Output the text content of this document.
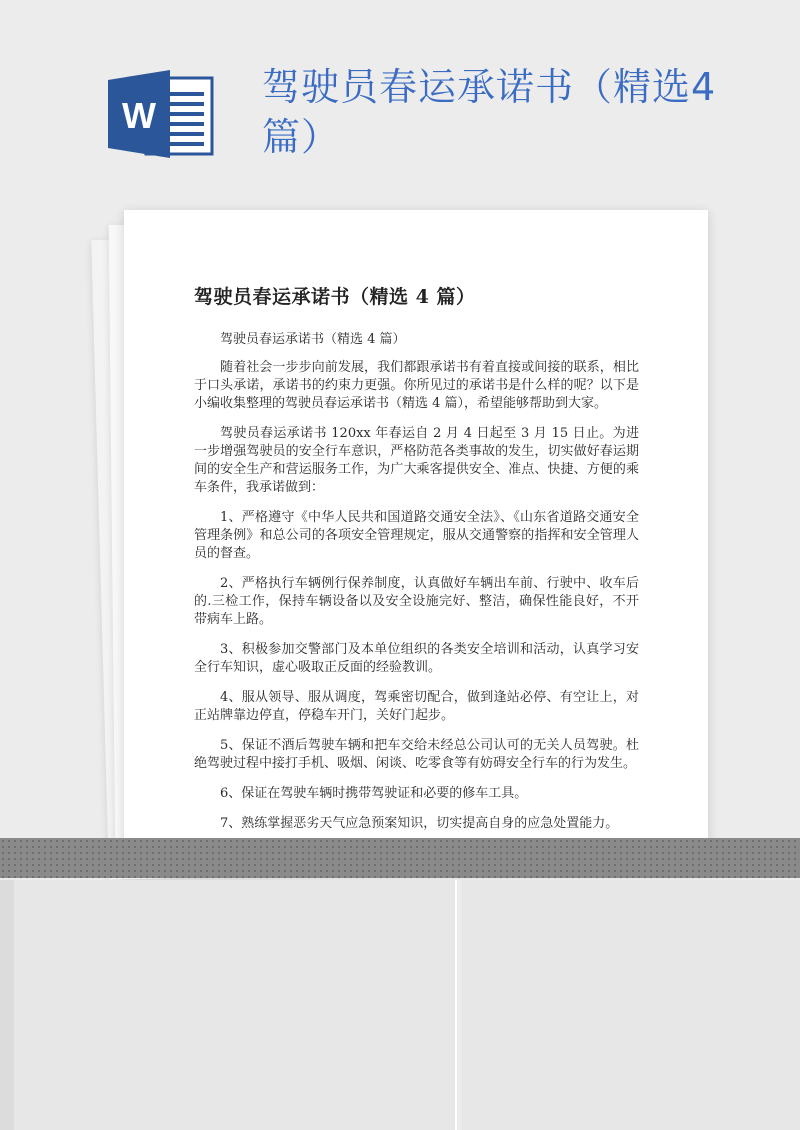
W
驾驶员春运承诺书（精选4篇）
驾驶员春运承诺书（精选 4 篇）

驾驶员春运承诺书（精选 4 篇）

随着社会一步步向前发展，我们都跟承诺书有着直接或间接的联系，相比于口头承诺，承诺书的约束力更强。你所见过的承诺书是什么样的呢？以下是小编收集整理的驾驶员春运承诺书（精选 4 篇），希望能够帮助到大家。

驾驶员春运承诺书 120xx 年春运自 2 月 4 日起至 3 月 15 日止。为进一步增强驾驶员的安全行车意识，严格防范各类事故的发生，切实做好春运期间的安全生产和营运服务工作，为广大乘客提供安全、准点、快捷、方便的乘车条件，我承诺做到：

1、严格遵守《中华人民共和国道路交通安全法》、《山东省道路交通安全管理条例》和总公司的各项安全管理规定，服从交通警察的指挥和安全管理人员的督查。

2、严格执行车辆例行保养制度，认真做好车辆出车前、行驶中、收车后的.三检工作，保持车辆设备以及安全设施完好、整洁，确保性能良好，不开带病车上路。

3、积极参加交警部门及本单位组织的各类安全培训和活动，认真学习安全行车知识，虚心吸取正反面的经验教训。

4、服从领导、服从调度，驾乘密切配合，做到逢站必停、有空让上，对正站牌靠边停直，停稳车开门，关好门起步。

5、保证不酒后驾驶车辆和把车交给未经总公司认可的无关人员驾驶。杜绝驾驶过程中接打手机、吸烟、闲谈、吃零食等有妨碍安全行车的行为发生。

6、保证在驾驶车辆时携带驾驶证和必要的修车工具。

7、熟练掌握恶劣天气应急预案知识，切实提高自身的应急处置能力。
